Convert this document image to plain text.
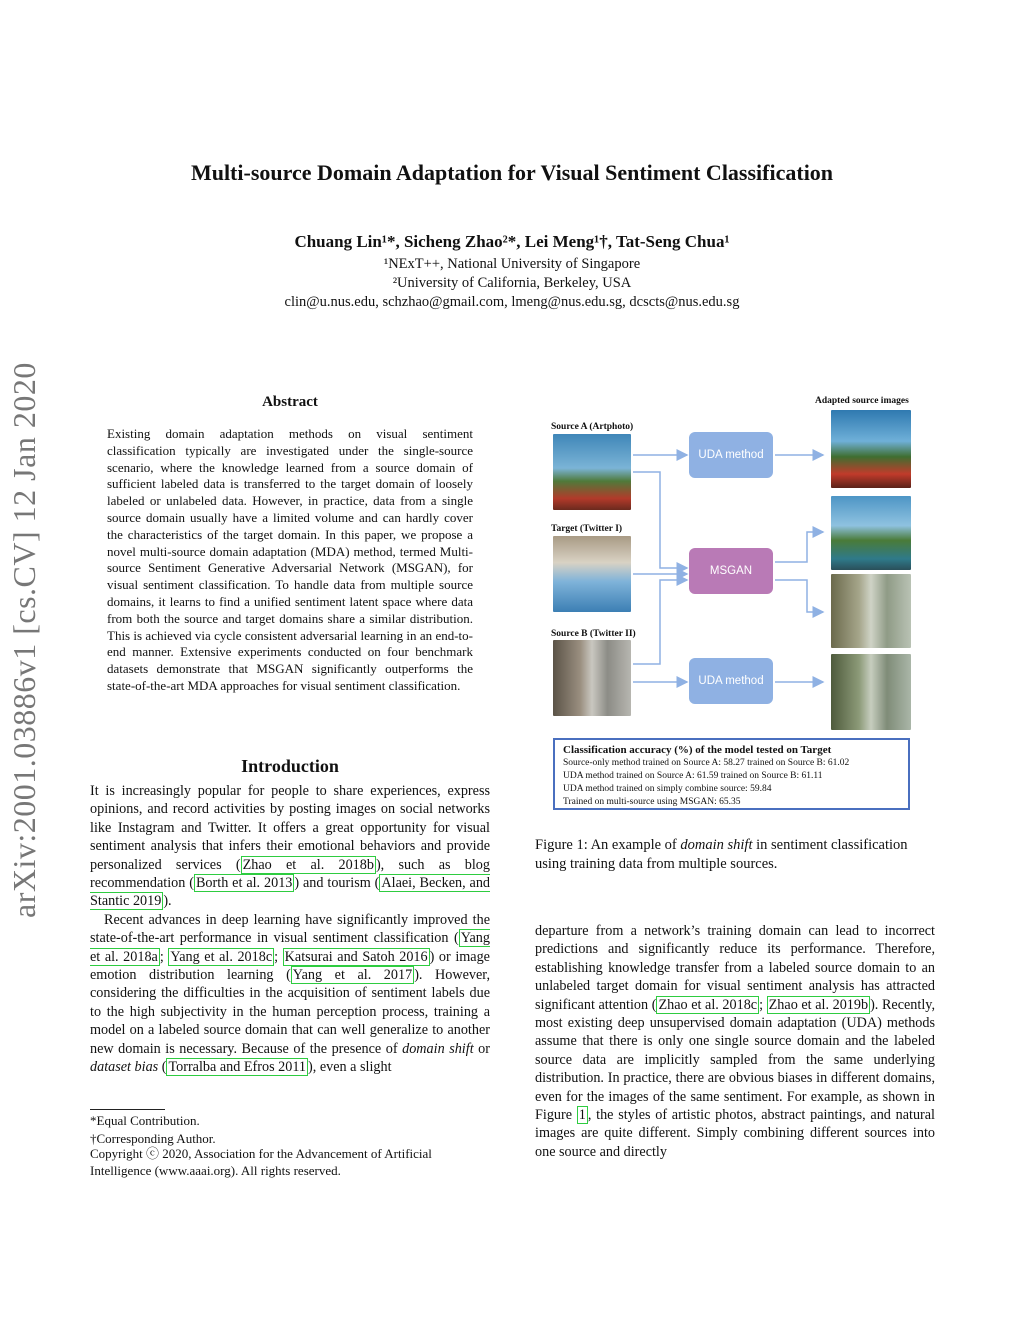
Multi-source Domain Adaptation for Visual Sentiment Classification
Chuang Lin¹*, Sicheng Zhao²*, Lei Meng¹†, Tat-Seng Chua¹
¹NExT++, National University of Singapore
²University of California, Berkeley, USA
clin@u.nus.edu, schzhao@gmail.com, lmeng@nus.edu.sg, dcscts@nus.edu.sg
arXiv:2001.03886v1 [cs.CV] 12 Jan 2020	Abstract
Existing domain adaptation methods on visual sentiment classification typically are investigated under the single-source scenario, where the knowledge learned from a source domain of sufficient labeled data is transferred to the target domain of loosely labeled or unlabeled data. However, in practice, data from a single source domain usually have a limited volume and can hardly cover the characteristics of the target domain. In this paper, we propose a novel multi-source domain adaptation (MDA) method, termed Multi-source Sentiment Generative Adversarial Network (MSGAN), for visual sentiment classification. To handle data from multiple source domains, it learns to find a unified sentiment latent space where data from both the source and target domains share a similar distribution. This is achieved via cycle consistent adversarial learning in an end-to-end manner. Extensive experiments conducted on four benchmark datasets demonstrate that MSGAN significantly outperforms the state-of-the-art MDA approaches for visual sentiment classification.
Introduction

It is increasingly popular for people to share experiences, express opinions, and record activities by posting images on social networks like Instagram and Twitter. It offers a great opportunity for visual sentiment analysis that infers their emotional behaviors and provide personalized services ( Zhao et al. 2018b ), such as blog recommendation ( Borth et al. 2013 ) and tourism ( Alaei, Becken, and Stantic 2019 ).

Recent advances in deep learning have significantly improved the state-of-the-art performance in visual sentiment classification ( Yang et al. 2018a ; Yang et al. 2018c ; Katsurai and Satoh 2016 ) or image emotion distribution learning ( Yang et al. 2017 ). However, considering the difficulties in the acquisition of sentiment labels due to the high subjectivity in the human perception process, training a model on a labeled source domain that can well generalize to another new domain is necessary. Because of the presence of domain shift or dataset bias ( Torralba and Efros 2011 ), even a slight

*Equal Contribution.
†Corresponding Author.
Copyright ⓒ 2020, Association for the Advancement of Artificial Intelligence (www.aaai.org). All rights reserved.
Adapted source images
Source A (Artphoto)
Target (Twitter I)
Source B (Twitter II)
UDA method
MSGAN
UDA method

Classification accuracy (%) of the model tested on Target

Source-only method trained on Source A: 58.27 trained on Source B: 61.02

UDA method trained on Source A: 61.59 trained on Source B: 61.11

UDA method trained on simply combine source: 59.84

Trained on multi-source using MSGAN: 65.35

Figure 1: An example of domain shift in sentiment classification using training data from multiple sources.

departure from a network’s training domain can lead to incorrect predictions and significantly reduce its performance. Therefore, establishing knowledge transfer from a labeled source domain to an unlabeled target domain for visual sentiment analysis has attracted significant attention ( Zhao et al. 2018c ; Zhao et al. 2019b ). Recently, most existing deep unsupervised domain adaptation (UDA) methods assume that there is only one single source domain and the labeled source data are implicitly sampled from the same underlying distribution. In practice, there are obvious biases in different domains, even for the images of the same sentiment. For example, as shown in Figure 1 , the styles of artistic photos, abstract paintings, and natural images are quite different. Simply combining different sources into one source and directly
